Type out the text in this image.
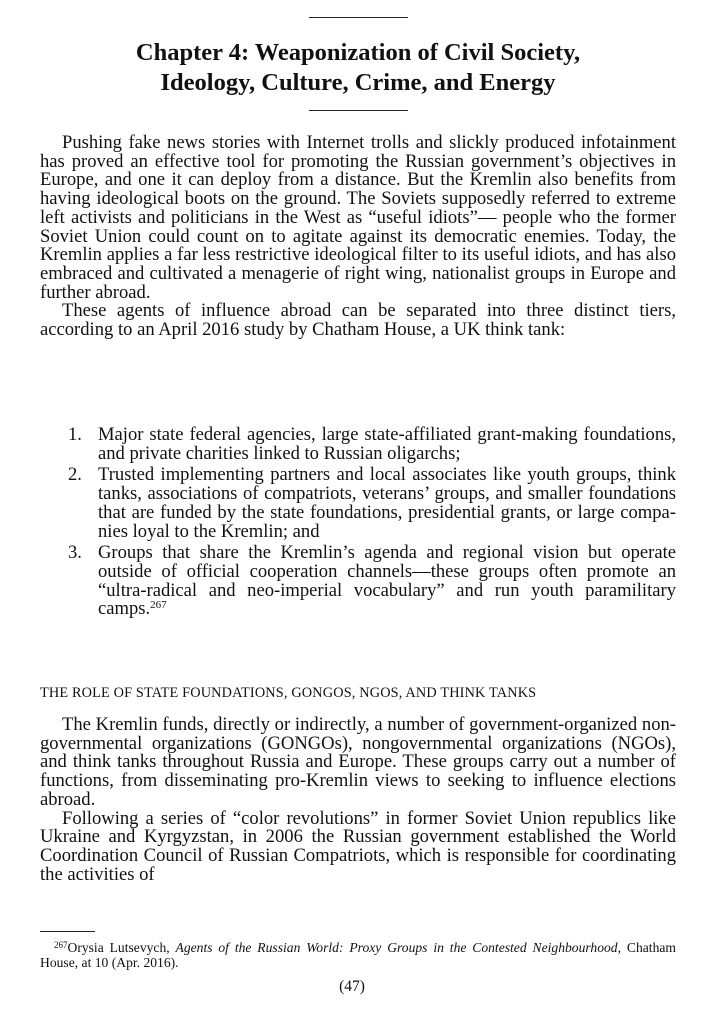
Chapter 4: Weaponization of Civil Society,
Ideology, Culture, Crime, and Energy

Pushing fake news stories with Internet trolls and slickly produced infotainment has proved an effective tool for promoting the Russian government’s objectives in Europe, and one it can deploy from a distance. But the Kremlin also benefits from having ideological boots on the ground. The Soviets supposedly referred to extreme left activists and politicians in the West as “useful idiots”— people who the former Soviet Union could count on to agitate against its democratic enemies. Today, the Kremlin applies a far less restrictive ideological filter to its useful idiots, and has also embraced and cultivated a menagerie of right wing, nationalist groups in Europe and further abroad.

These agents of influence abroad can be separated into three distinct tiers, according to an April 2016 study by Chatham House, a UK think tank:

1. Major state federal agencies, large state-affiliated grant-making foundations, and private charities linked to Russian oligarchs;
2. Trusted implementing partners and local associates like youth groups, think tanks, associations of compatriots, veterans’ groups, and smaller foundations that are funded by the state foundations, presidential grants, or large companies loyal to the Kremlin; and
3. Groups that share the Kremlin’s agenda and regional vision but operate outside of official cooperation channels—these groups often promote an “ultra-radical and neo-imperial vocabulary” and run youth paramilitary camps.$^{267}$
THE ROLE OF STATE FOUNDATIONS, GONGOS, NGOS, AND THINK TANKS

The Kremlin funds, directly or indirectly, a number of government-organized non-governmental organizations (GONGOs), nongovernmental organizations (NGOs), and think tanks throughout Russia and Europe. These groups carry out a number of functions, from disseminating pro-Kremlin views to seeking to influence elections abroad.

Following a series of “color revolutions” in former Soviet Union republics like Ukraine and Kyrgyzstan, in 2006 the Russian government established the World Coordination Council of Russian Compatriots, which is responsible for coordinating the activities of

$^{267}$Orysia Lutsevych, Agents of the Russian World: Proxy Groups in the Contested Neighbourhood, Chatham House, at 10 (Apr. 2016).
(47)
